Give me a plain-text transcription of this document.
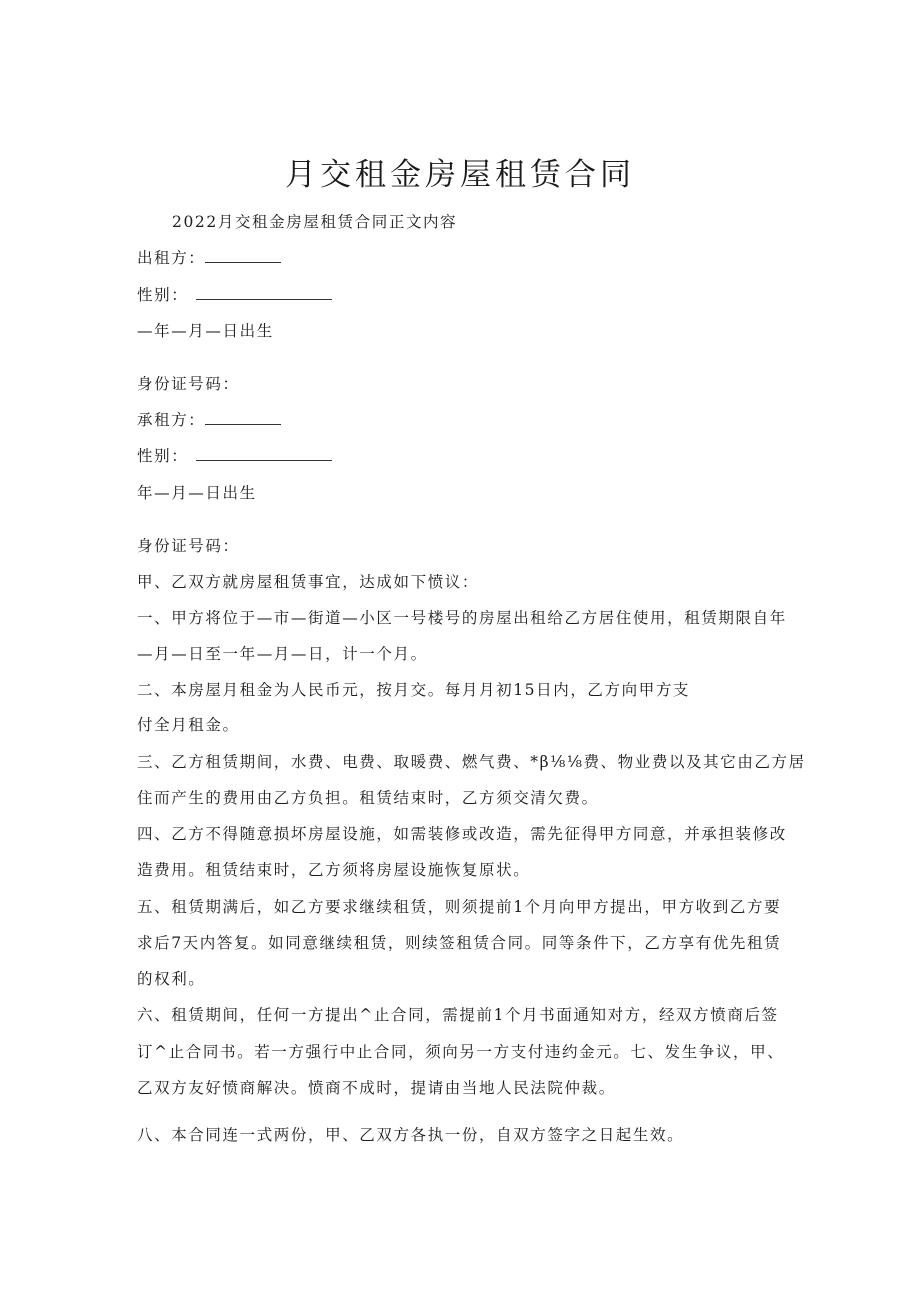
月交租金房屋租赁合同
2022月交租金房屋租赁合同正文内容
出租方：
性别：
—年—月—日出生
身份证号码：
承租方：
性别：
年—月—日出生
身份证号码：
甲、乙双方就房屋租赁事宜，达成如下愤议：
一、甲方将位于—市—街道—小区一号楼号的房屋出租给乙方居住使用，租赁期限自年
—月—日至一年—月—日，计一个月。
二、本房屋月租金为人民币元，按月交。每月月初15日内，乙方向甲方支
付全月租金。
三、乙方租赁期间，水费、电费、取暖费、燃气费、*β⅛⅛费、物业费以及其它由乙方居
住而产生的费用由乙方负担。租赁结束时，乙方须交清欠费。
四、乙方不得随意损坏房屋设施，如需装修或改造，需先征得甲方同意，并承担装修改
造费用。租赁结束时，乙方须将房屋设施恢复原状。
五、租赁期满后，如乙方要求继续租赁，则须提前1个月向甲方提出，甲方收到乙方要
求后7天内答复。如同意继续租赁，则续签租赁合同。同等条件下，乙方享有优先租赁
的权利。
六、租赁期间，任何一方提出^止合同，需提前1个月书面通知对方，经双方愤商后签
订^止合同书。若一方强行中止合同，须向另一方支付违约金元。七、发生争议，甲、
乙双方友好愤商解决。愤商不成时，提请由当地人民法院仲裁。
八、本合同连一式两份，甲、乙双方各执一份，自双方签字之日起生效。
